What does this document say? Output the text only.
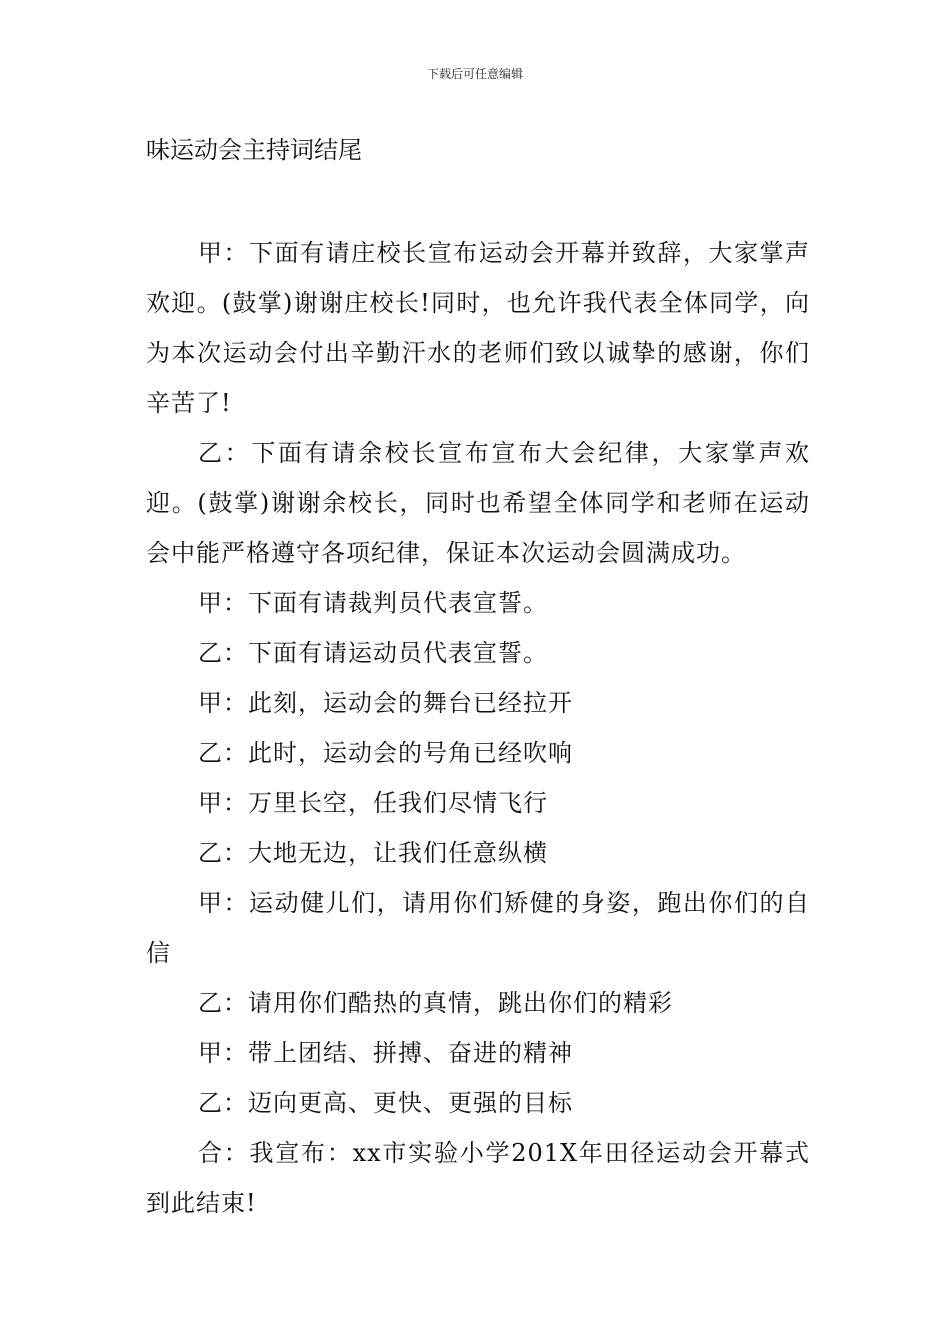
下载后可任意编辑
味运动会主持词结尾

甲：下面有请庄校长宣布运动会开幕并致辞，大家掌声欢迎。(鼓掌)谢谢庄校长!同时，也允许我代表全体同学，向为本次运动会付出辛勤汗水的老师们致以诚挚的感谢，你们辛苦了!

乙：下面有请余校长宣布宣布大会纪律，大家掌声欢迎。(鼓掌)谢谢余校长，同时也希望全体同学和老师在运动会中能严格遵守各项纪律，保证本次运动会圆满成功。

甲：下面有请裁判员代表宣誓。

乙：下面有请运动员代表宣誓。

甲：此刻，运动会的舞台已经拉开

乙：此时，运动会的号角已经吹响

甲：万里长空，任我们尽情飞行

乙：大地无边，让我们任意纵横

甲：运动健儿们，请用你们矫健的身姿，跑出你们的自信

乙：请用你们酷热的真情，跳出你们的精彩

甲：带上团结、拼搏、奋进的精神

乙：迈向更高、更快、更强的目标

合：我宣布：xx市实验小学201X年田径运动会开幕式到此结束!
